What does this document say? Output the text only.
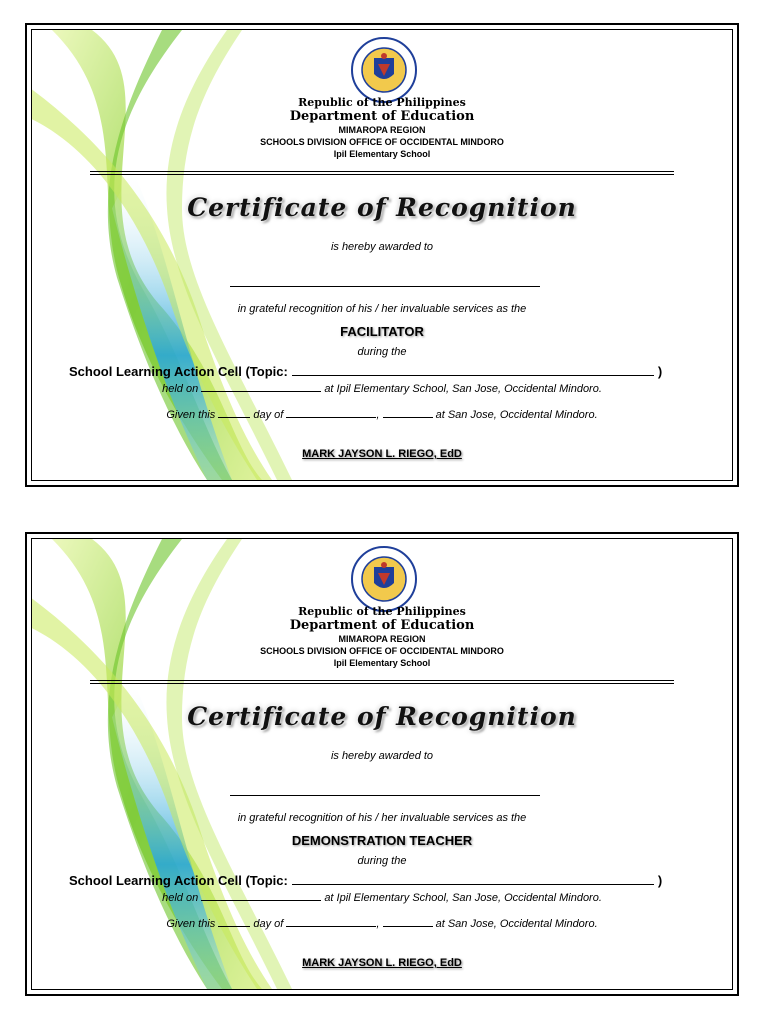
Republic of the Philippines
Department of Education
MIMAROPA REGION
SCHOOLS DIVISION OFFICE OF OCCIDENTAL MINDORO
Ipil Elementary School
Certificate of Recognition
is hereby awarded to
in grateful recognition of his / her invaluable services as the
FACILITATOR
during the
School Learning Action Cell (Topic:	)
held on	at Ipil Elementary School, San Jose, Occidental Mindoro.
Given this	day of	,	at San Jose, Occidental Mindoro.
MARK JAYSON L. RIEGO, EdD
Republic of the Philippines
Department of Education
MIMAROPA REGION
SCHOOLS DIVISION OFFICE OF OCCIDENTAL MINDORO
Ipil Elementary School
Certificate of Recognition
is hereby awarded to
in grateful recognition of his / her invaluable services as the
DEMONSTRATION TEACHER
during the
School Learning Action Cell (Topic:	)
held on	at Ipil Elementary School, San Jose, Occidental Mindoro.
Given this	day of	,	at San Jose, Occidental Mindoro.
MARK JAYSON L. RIEGO, EdD
